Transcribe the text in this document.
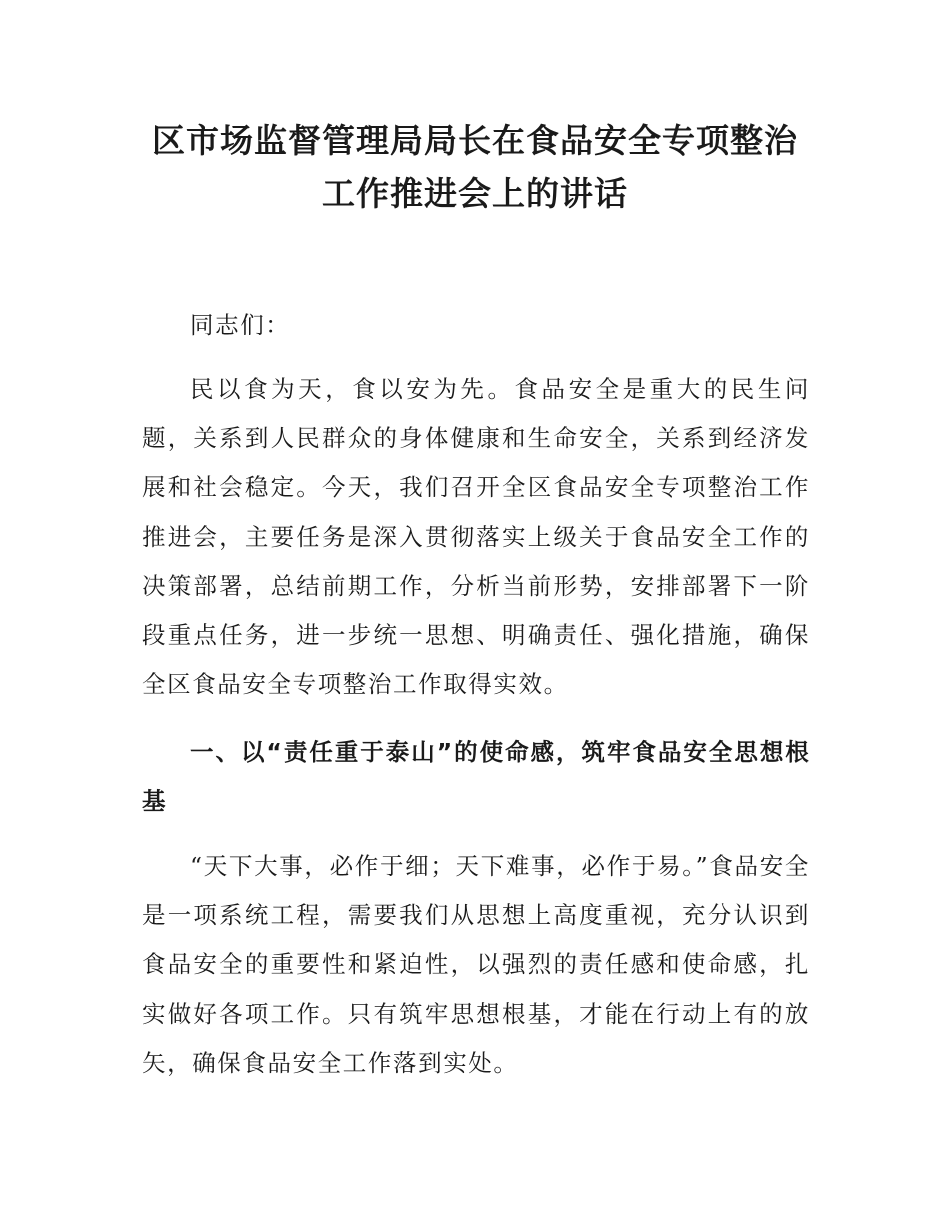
区市场监督管理局局长在食品安全专项整治
工作推进会上的讲话

同志们：

民以食为天，食以安为先。食品安全是重大的民生问题，关系到人民群众的身体健康和生命安全，关系到经济发展和社会稳定。今天，我们召开全区食品安全专项整治工作推进会，主要任务是深入贯彻落实上级关于食品安全工作的决策部署，总结前期工作，分析当前形势，安排部署下一阶段重点任务，进一步统一思想、明确责任、强化措施，确保全区食品安全专项整治工作取得实效。

一、以“责任重于泰山”的使命感，筑牢食品安全思想根基

“天下大事，必作于细；天下难事，必作于易。”食品安全是一项系统工程，需要我们从思想上高度重视，充分认识到食品安全的重要性和紧迫性，以强烈的责任感和使命感，扎实做好各项工作。只有筑牢思想根基，才能在行动上有的放矢，确保食品安全工作落到实处。
